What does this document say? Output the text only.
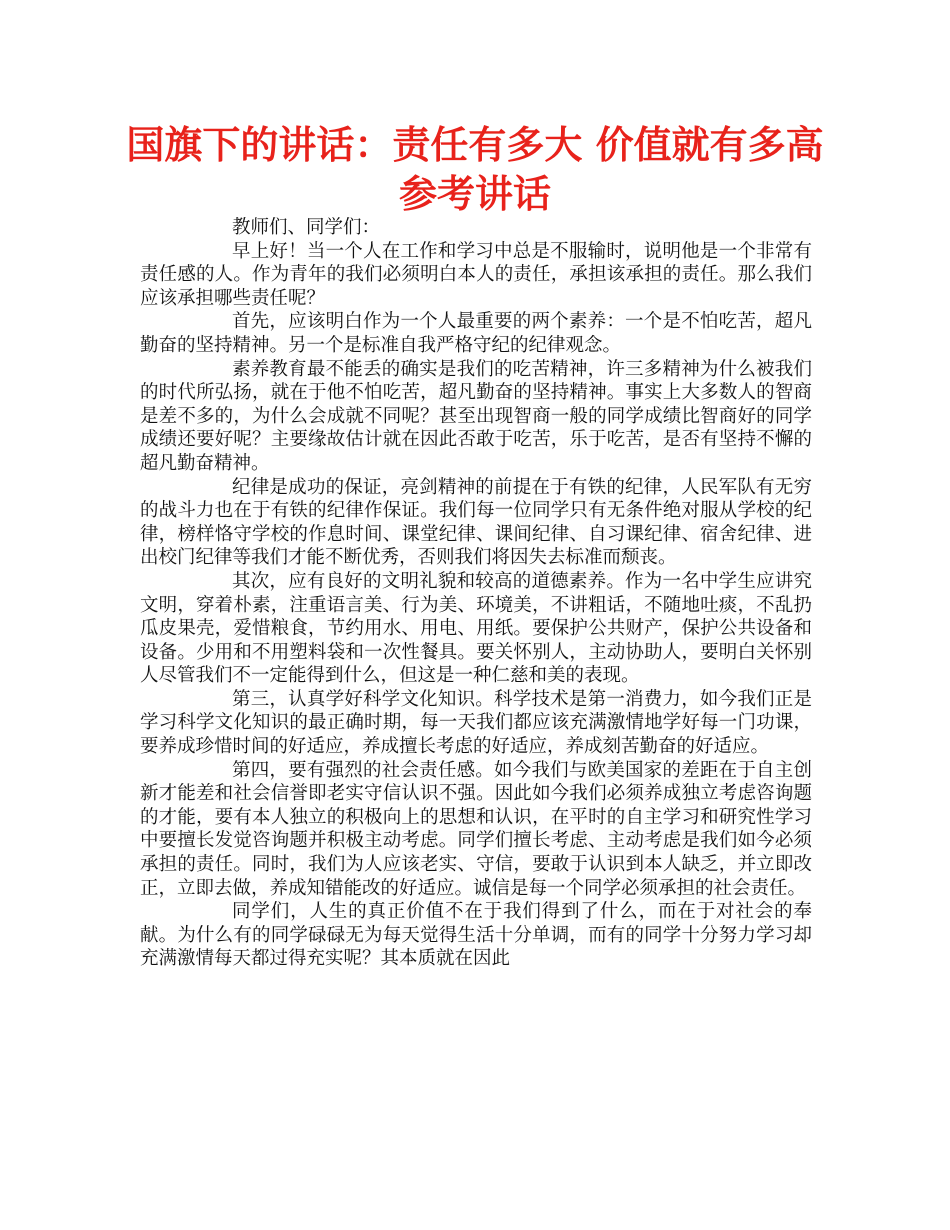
国旗下的讲话：责任有多大 价值就有多高
参考讲话

教师们、同学们：

早上好！当一个人在工作和学习中总是不服输时，说明他是一个非常有责任感的人。作为青年的我们必须明白本人的责任，承担该承担的责任。那么我们应该承担哪些责任呢？

首先，应该明白作为一个人最重要的两个素养：一个是不怕吃苦，超凡勤奋的坚持精神。另一个是标准自我严格守纪的纪律观念。

素养教育最不能丢的确实是我们的吃苦精神，许三多精神为什么被我们的时代所弘扬，就在于他不怕吃苦，超凡勤奋的坚持精神。事实上大多数人的智商是差不多的，为什么会成就不同呢？甚至出现智商一般的同学成绩比智商好的同学成绩还要好呢？主要缘故估计就在因此否敢于吃苦，乐于吃苦，是否有坚持不懈的超凡勤奋精神。

纪律是成功的保证，亮剑精神的前提在于有铁的纪律，人民军队有无穷的战斗力也在于有铁的纪律作保证。我们每一位同学只有无条件绝对服从学校的纪律，榜样恪守学校的作息时间、课堂纪律、课间纪律、自习课纪律、宿舍纪律、进出校门纪律等我们才能不断优秀，否则我们将因失去标准而颓丧。

其次，应有良好的文明礼貌和较高的道德素养。作为一名中学生应讲究文明，穿着朴素，注重语言美、行为美、环境美，不讲粗话，不随地吐痰，不乱扔瓜皮果壳，爱惜粮食，节约用水、用电、用纸。要保护公共财产，保护公共设备和设备。少用和不用塑料袋和一次性餐具。要关怀别人，主动协助人，要明白关怀别人尽管我们不一定能得到什么，但这是一种仁慈和美的表现。

第三，认真学好科学文化知识。科学技术是第一消费力，如今我们正是学习科学文化知识的最正确时期，每一天我们都应该充满激情地学好每一门功课，要养成珍惜时间的好适应，养成擅长考虑的好适应，养成刻苦勤奋的好适应。

第四，要有强烈的社会责任感。如今我们与欧美国家的差距在于自主创新才能差和社会信誉即老实守信认识不强。因此如今我们必须养成独立考虑咨询题的才能，要有本人独立的积极向上的思想和认识，在平时的自主学习和研究性学习中要擅长发觉咨询题并积极主动考虑。同学们擅长考虑、主动考虑是我们如今必须承担的责任。同时，我们为人应该老实、守信，要敢于认识到本人缺乏，并立即改正，立即去做，养成知错能改的好适应。诚信是每一个同学必须承担的社会责任。

同学们，人生的真正价值不在于我们得到了什么，而在于对社会的奉献。为什么有的同学碌碌无为每天觉得生活十分单调，而有的同学十分努力学习却充满激情每天都过得充实呢？其本质就在因此
